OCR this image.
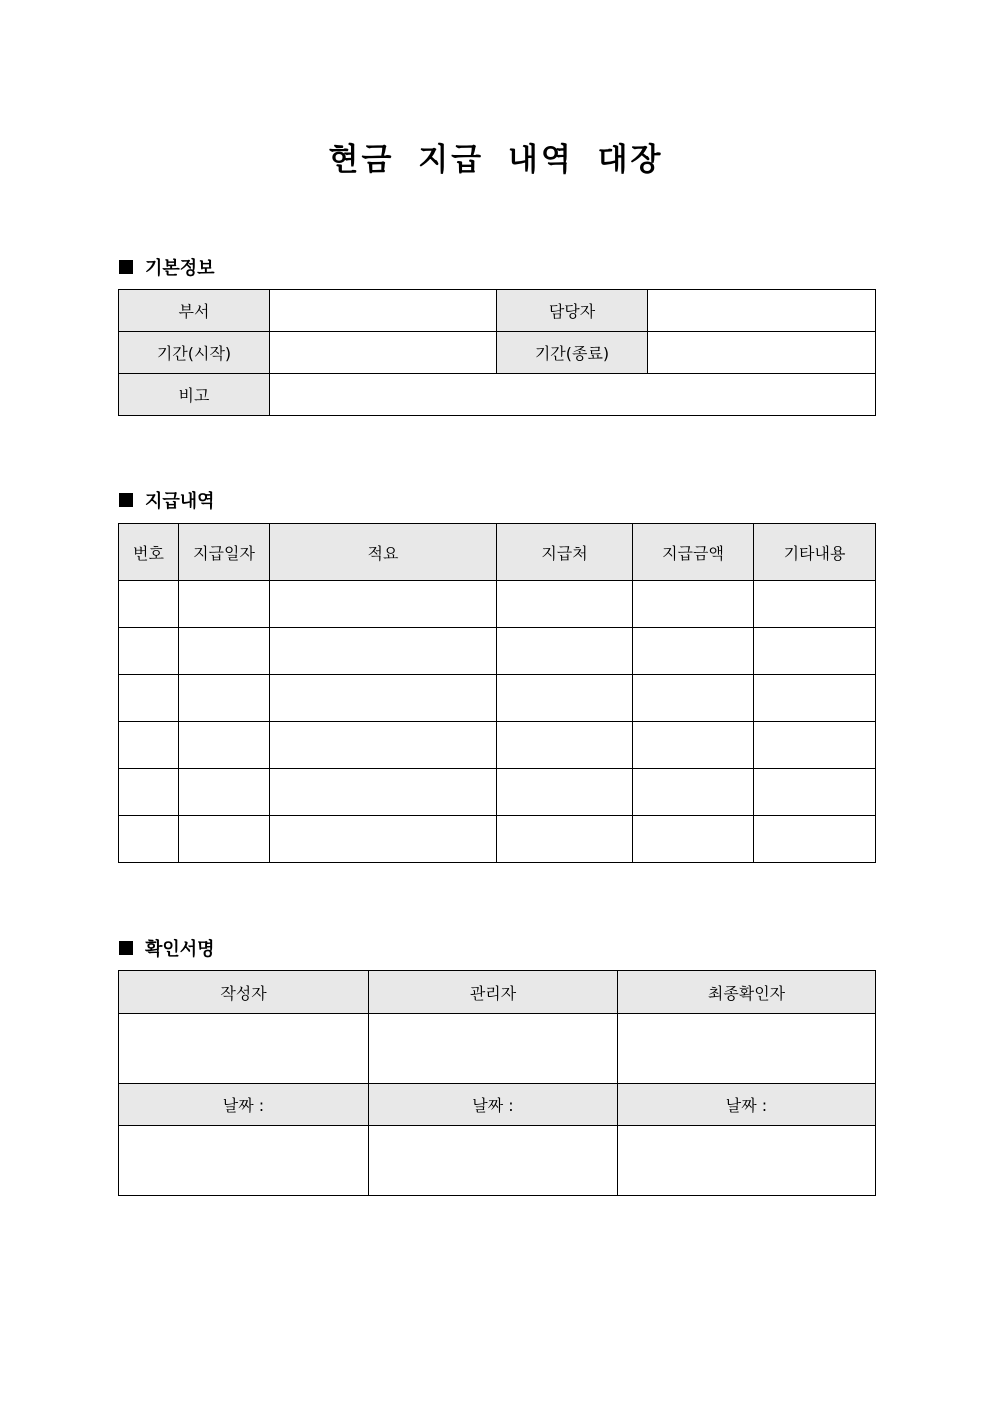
현금 지급 내역 대장
기본정보
부서		담당자	
기간(시작)		기간(종료)	
비고			
지급내역
번호	지급일자	적요	지급처	지급금액	기타내용

확인서명
작성자	관리자	최종확인자

날짜 :	날짜 :	날짜 :
